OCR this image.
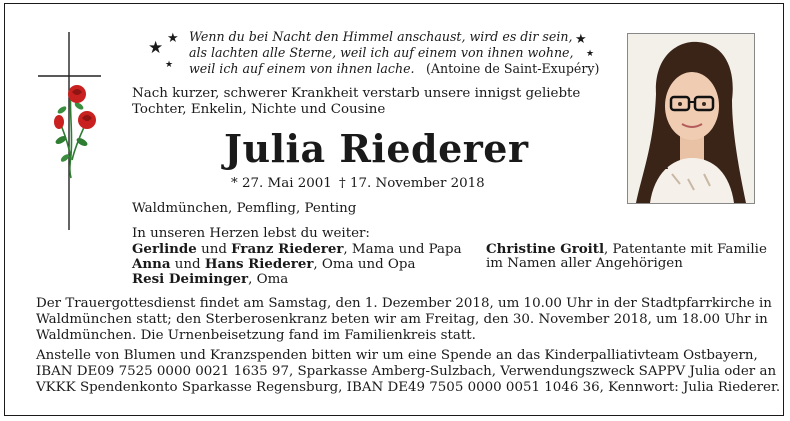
★
★
★
★
★
Wenn du bei Nacht den Himmel anschaust, wird es dir sein,
als lachten alle Sterne, weil ich auf einem von ihnen wohne,
weil ich auf einem von ihnen lache. (Antoine de Saint-Exupéry)
Nach kurzer, schwerer Krankheit verstarb unsere innigst geliebte
Tochter, Enkelin, Nichte und Cousine
Julia Riederer
* 27. Mai 2001 † 17. November 2018
Waldmünchen, Pemfling, Penting
In unseren Herzen lebst du weiter:
Gerlinde und Franz Riederer, Mama und Papa
Anna und Hans Riederer, Oma und Opa
Resi Deiminger, Oma
Christine Groitl, Patentante mit Familie
im Namen aller Angehörigen
Der Trauergottesdienst findet am Samstag, den 1. Dezember 2018, um 10.00 Uhr in der Stadtpfarrkirche in
Waldmünchen statt; den Sterberosenkranz beten wir am Freitag, den 30. November 2018, um 18.00 Uhr in
Waldmünchen. Die Urnenbeisetzung fand im Familienkreis statt.
Anstelle von Blumen und Kranzspenden bitten wir um eine Spende an das Kinderpalliativteam Ostbayern,
IBAN DE09 7525 0000 0021 1635 97, Sparkasse Amberg-Sulzbach, Verwendungszweck SAPPV Julia oder an
VKKK Spendenkonto Sparkasse Regensburg, IBAN DE49 7505 0000 0051 1046 36, Kennwort: Julia Riederer.
